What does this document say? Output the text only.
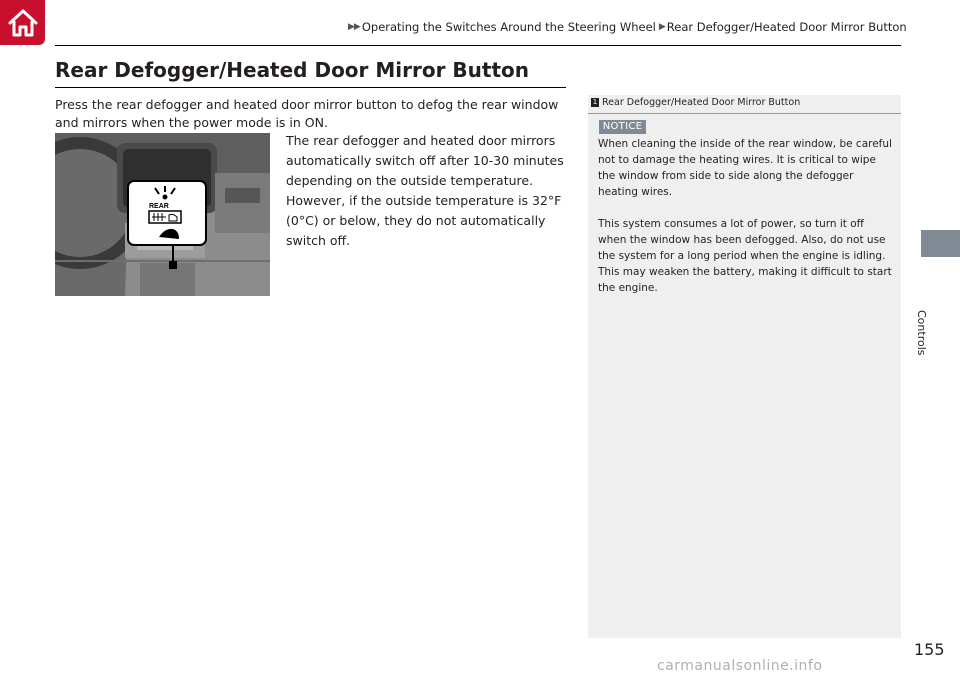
▶▶ Operating the Switches Around the Steering Wheel ▶ Rear Defogger/Heated Door Mirror Button
Rear Defogger/Heated Door Mirror Button

Press the rear defogger and heated door mirror button to defog the rear window and mirrors when the power mode is in ON.

REAR

The rear defogger and heated door mirrors automatically switch off after 10-30 minutes depending on the outside temperature. However, if the outside temperature is 32°F (0°C) or below, they do not automatically switch off.

1 Rear Defogger/Heated Door Mirror Button
NOTICE

When cleaning the inside of the rear window, be careful not to damage the heating wires. It is critical to wipe the window from side to side along the defogger heating wires.

This system consumes a lot of power, so turn it off when the window has been defogged. Also, do not use the system for a long period when the engine is idling. This may weaken the battery, making it difficult to start the engine.

Controls
155
carmanualsonline.info
